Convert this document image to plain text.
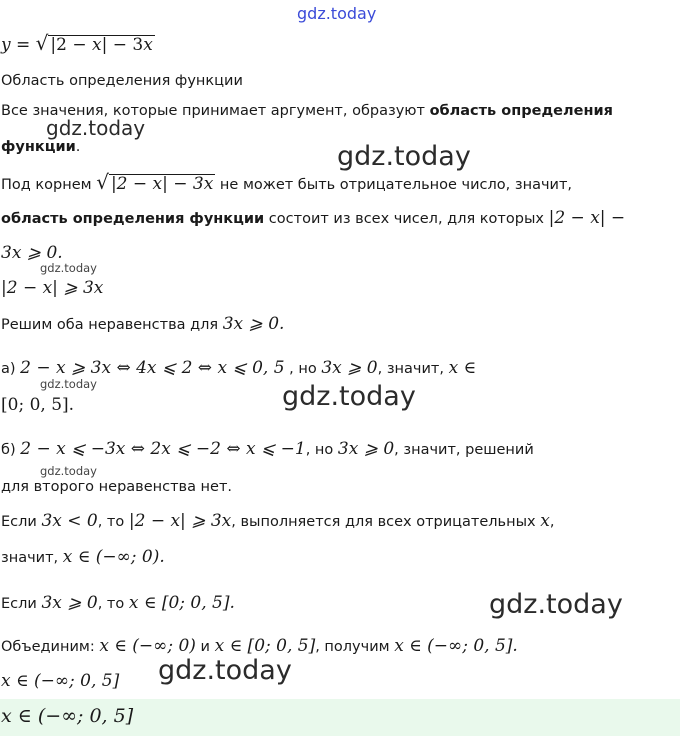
gdz.today
y = √ |2 − x| − 3x
Область определения функции
Все значения, которые принимает аргумент, образуют область определения
функции.
gdz.today
gdz.today
Под корнем √ |2 − x| − 3x не может быть отрицательное число, значит,
область определения функции состоит из всех чисел, для которых |2 − x| −
3x ⩾ 0.
gdz.today
|2 − x| ⩾ 3x
Решим оба неравенства для 3x ⩾ 0.
а) 2 − x ⩾ 3x ⇔ 4x ⩽ 2 ⇔ x ⩽ 0, 5 , но 3x ⩾ 0, значит, x ∈
gdz.today
[0; 0, 5].	gdz.today
б) 2 − x ⩽ −3x ⇔ 2x ⩽ −2 ⇔ x ⩽ −1, но 3x ⩾ 0, значит, решений
gdz.today
для второго неравенства нет.
Если 3x < 0, то |2 − x| ⩾ 3x, выполняется для всех отрицательных x,
значит, x ∈ (−∞; 0).
Если 3x ⩾ 0, то x ∈ [0; 0, 5].	gdz.today
Объединим: x ∈ (−∞; 0) и x ∈ [0; 0, 5], получим x ∈ (−∞; 0, 5].
x ∈ (−∞; 0, 5] gdz.today
x ∈ (−∞; 0, 5]
